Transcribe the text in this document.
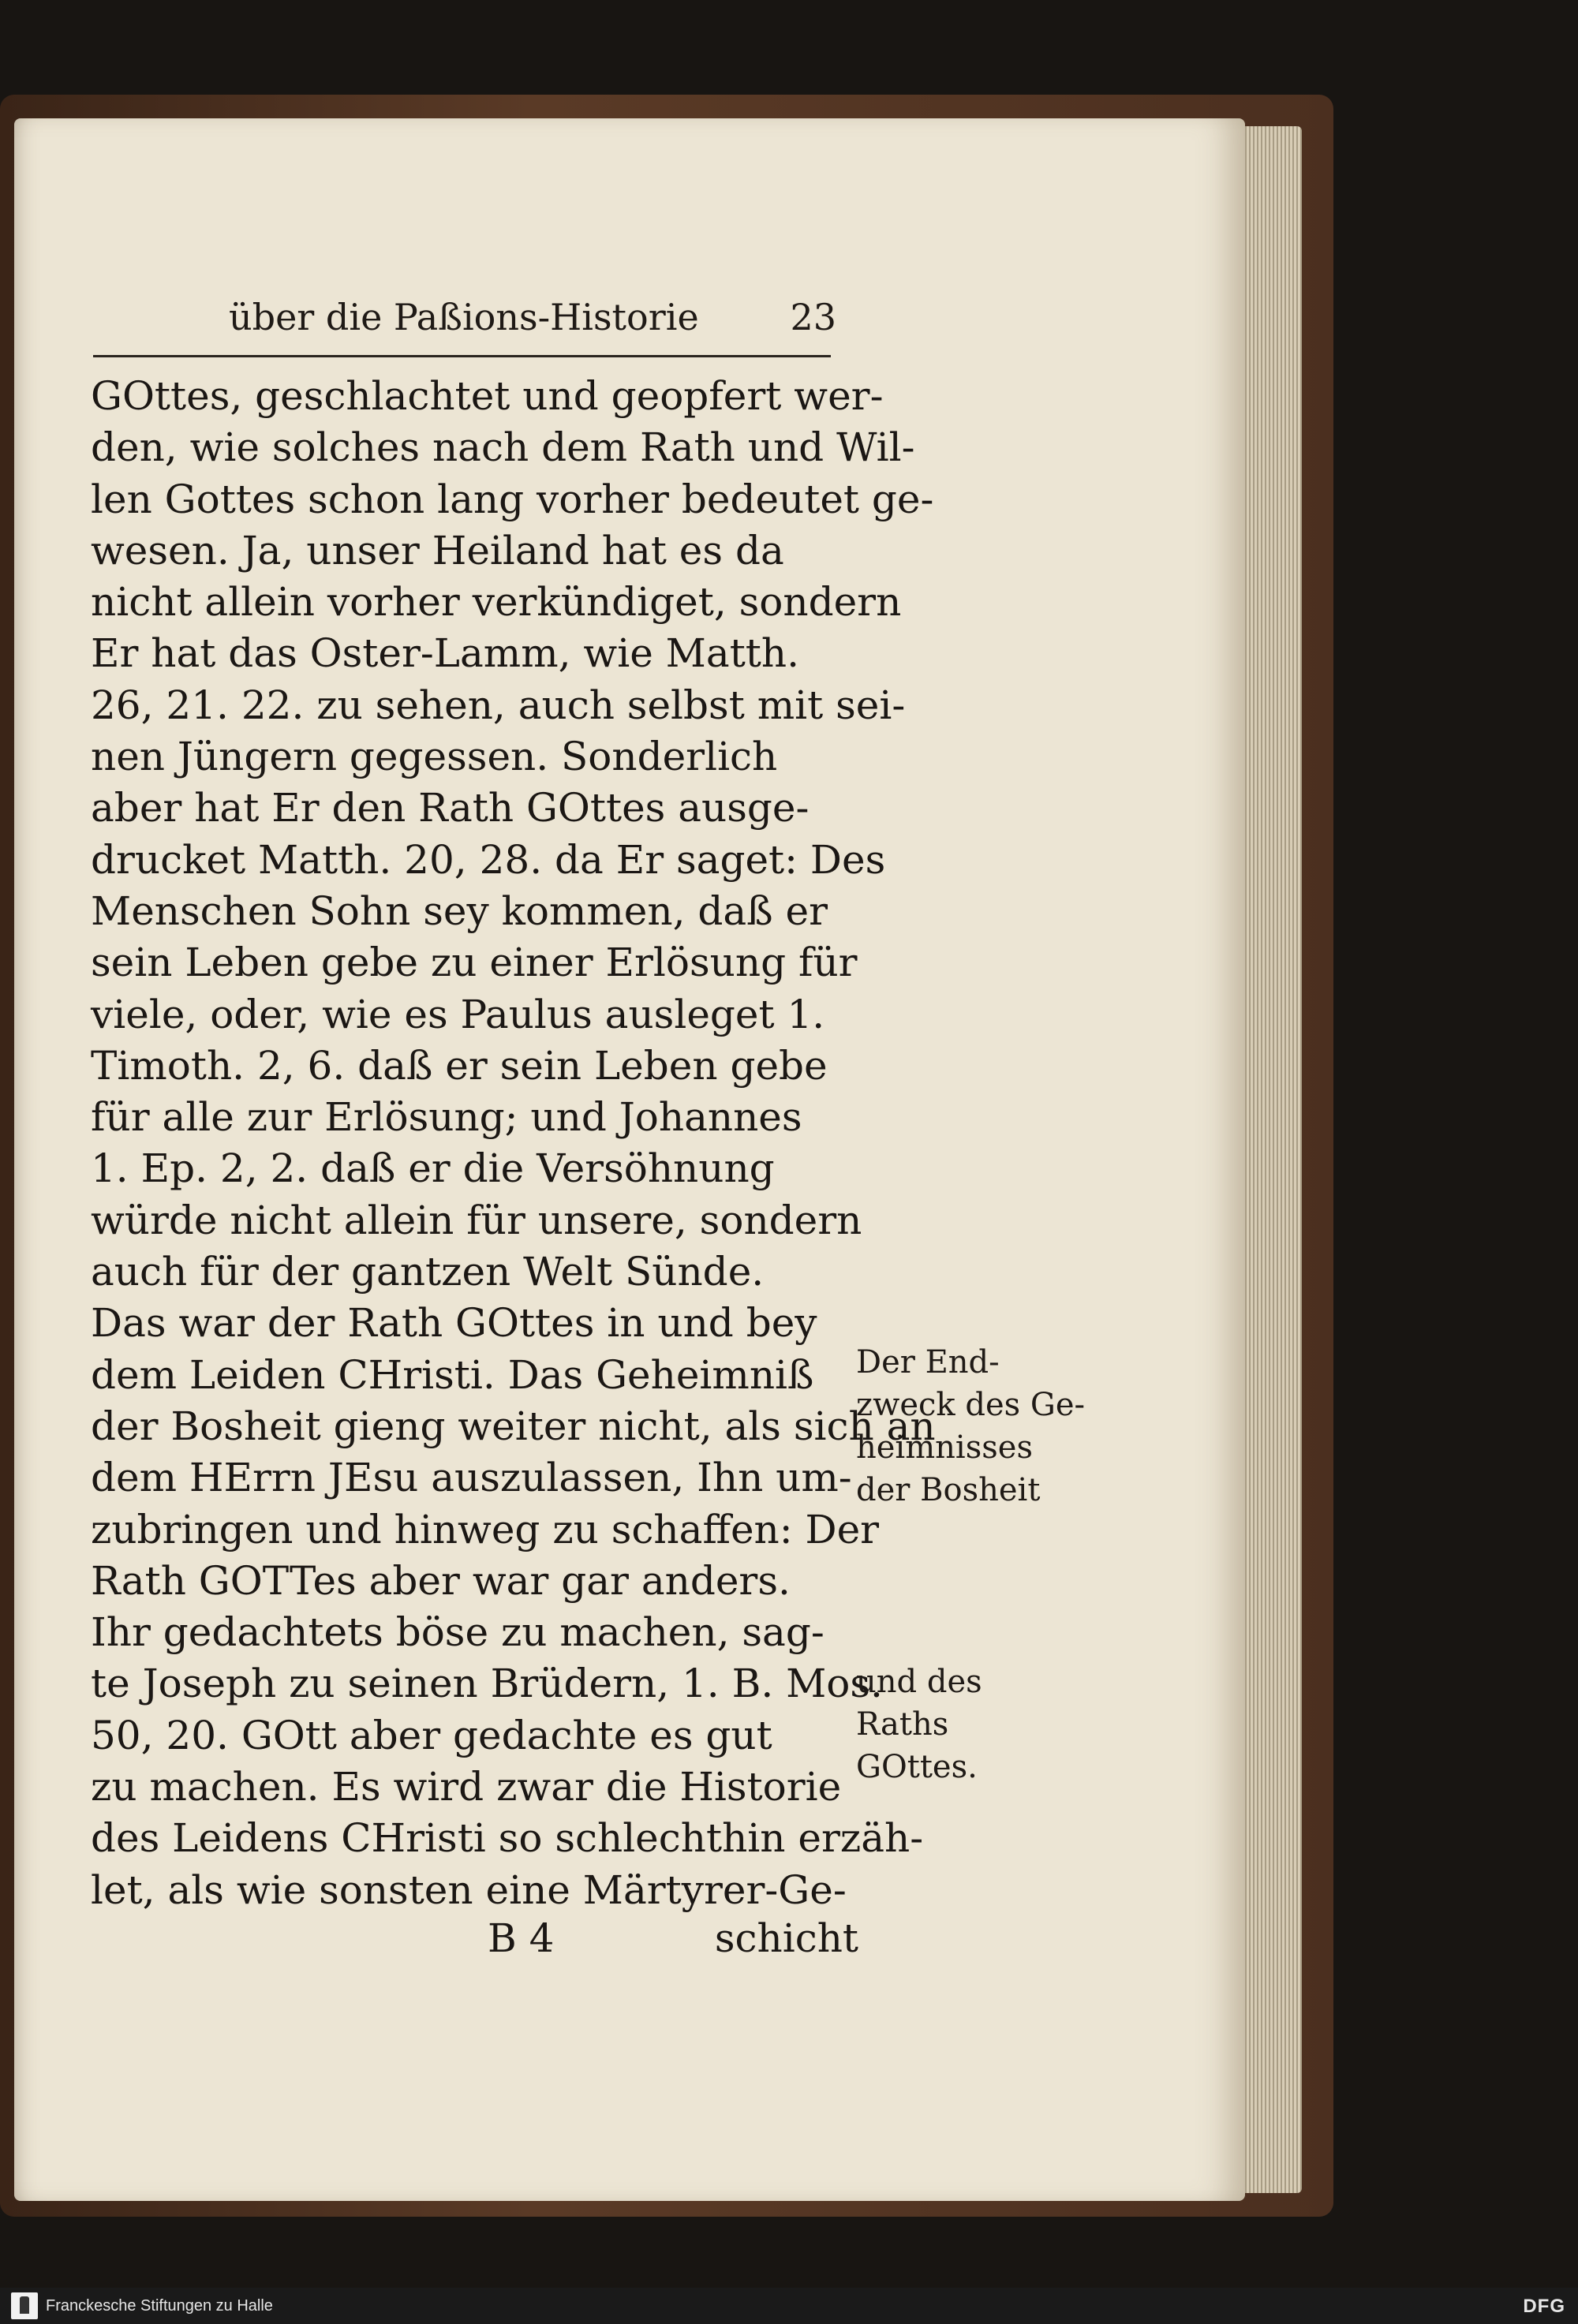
über die Paßions-Historie	23
GOttes, geschlachtet und geopfert wer-
den, wie solches nach dem Rath und Wil-
len Gottes schon lang vorher bedeutet ge-
wesen. Ja, unser Heiland hat es da
nicht allein vorher verkündiget, sondern
Er hat das Oster-Lamm, wie Matth.
26, 21. 22. zu sehen, auch selbst mit sei-
nen Jüngern gegessen. Sonderlich
aber hat Er den Rath GOttes ausge-
drucket Matth. 20, 28. da Er saget: Des
Menschen Sohn sey kommen, daß er
sein Leben gebe zu einer Erlösung für
viele, oder, wie es Paulus ausleget 1.
Timoth. 2, 6. daß er sein Leben gebe
für alle zur Erlösung; und Johannes
1. Ep. 2, 2. daß er die Versöhnung
würde nicht allein für unsere, sondern
auch für der gantzen Welt Sünde.
Das war der Rath GOttes in und bey
dem Leiden CHristi. Das Geheimniß
der Bosheit gieng weiter nicht, als sich an
dem HErrn JEsu auszulassen, Ihn um-
zubringen und hinweg zu schaffen: Der
Rath GOTTes aber war gar anders.
Ihr gedachtets böse zu machen, sag-
te Joseph zu seinen Brüdern, 1. B. Mos.
50, 20. GOtt aber gedachte es gut
zu machen. Es wird zwar die Historie
des Leidens CHristi so schlechthin erzäh-
let, als wie sonsten eine Märtyrer-Ge-
B 4	schicht
Der End-
zweck des Ge-
heimnisses
der Bosheit
und des
Raths
GOttes.
Franckesche Stiftungen zu Halle	DFG
